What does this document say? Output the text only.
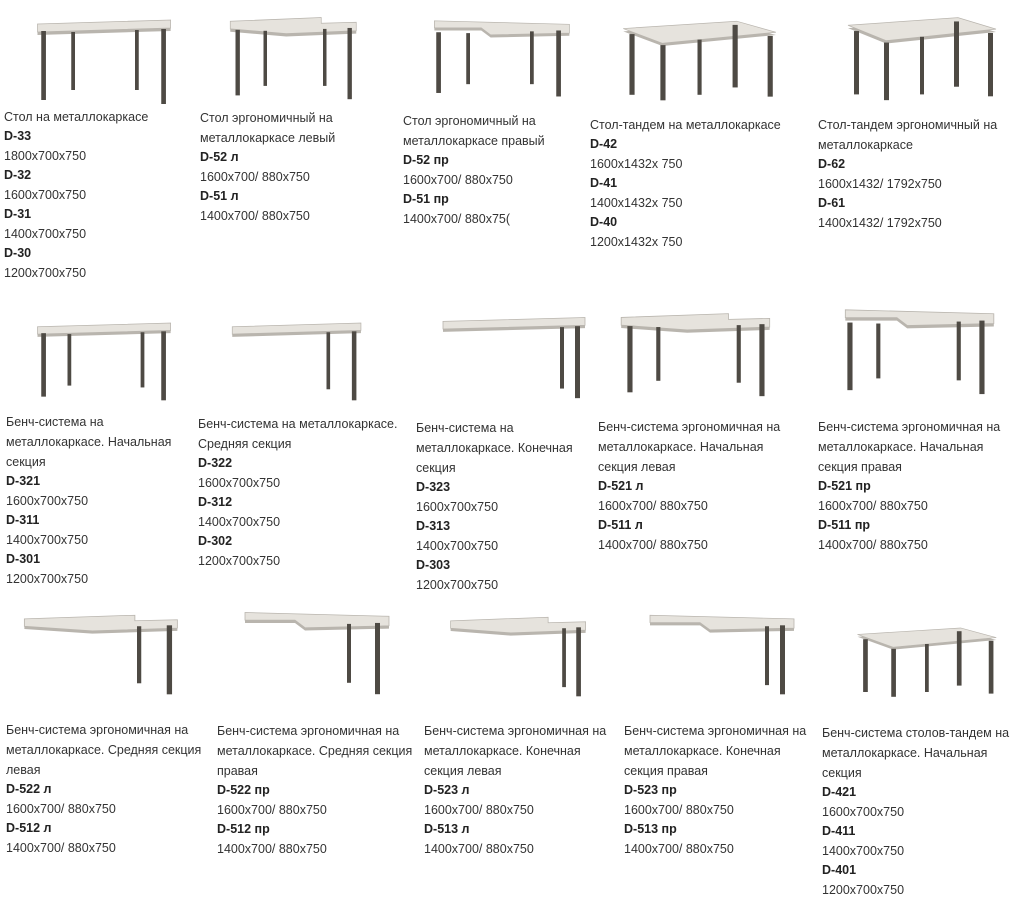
Стол на металлокаркасе
D-33
1800x700x750
D-32
1600x700x750
D-31
1400x700x750
D-30
1200x700x750
Стол эргономичный на металлокаркасе левый
D-52 л
1600x700/ 880x750
D-51 л
1400x700/ 880x750
Стол эргономичный на металлокаркасе правый
D-52 пр
1600x700/ 880x750
D-51 пр
1400x700/ 880x75(
Стол-тандем на металлокаркасе
D-42
1600x1432x 750
D-41
1400x1432x 750
D-40
1200x1432x 750
Стол-тандем эргономичный на металлокаркасе
D-62
1600x1432/ 1792x750
D-61
1400x1432/ 1792x750
Бенч-система на металлокаркасе. Начальная секция
D-321
1600x700x750
D-311
1400x700x750
D-301
1200x700x750
Бенч-система на металлокаркасе. Средняя секция
D-322
1600x700x750
D-312
1400x700x750
D-302
1200x700x750
Бенч-система на металлокаркасе. Конечная секция
D-323
1600x700x750
D-313
1400x700x750
D-303
1200x700x750
Бенч-система эргономичная на металлокаркасе. Начальная секция левая
D-521 л
1600x700/ 880x750
D-511 л
1400x700/ 880x750
Бенч-система эргономичная на металлокаркасе. Начальная секция правая
D-521 пр
1600x700/ 880x750
D-511 пр
1400x700/ 880x750
Бенч-система эргономичная на металлокаркасе. Средняя секция левая
D-522 л
1600x700/ 880x750
D-512 л
1400x700/ 880x750
Бенч-система эргономичная на металлокаркасе. Средняя секция правая
D-522 пр
1600x700/ 880x750
D-512 пр
1400x700/ 880x750
Бенч-система эргономичная на металлокаркасе. Конечная секция левая
D-523 л
1600x700/ 880x750
D-513 л
1400x700/ 880x750
Бенч-система эргономичная на металлокаркасе. Конечная секция правая
D-523 пр
1600x700/ 880x750
D-513 пр
1400x700/ 880x750
Бенч-система столов-тандем на металлокаркасе. Начальная секция
D-421
1600x700x750
D-411
1400x700x750
D-401
1200x700x750
